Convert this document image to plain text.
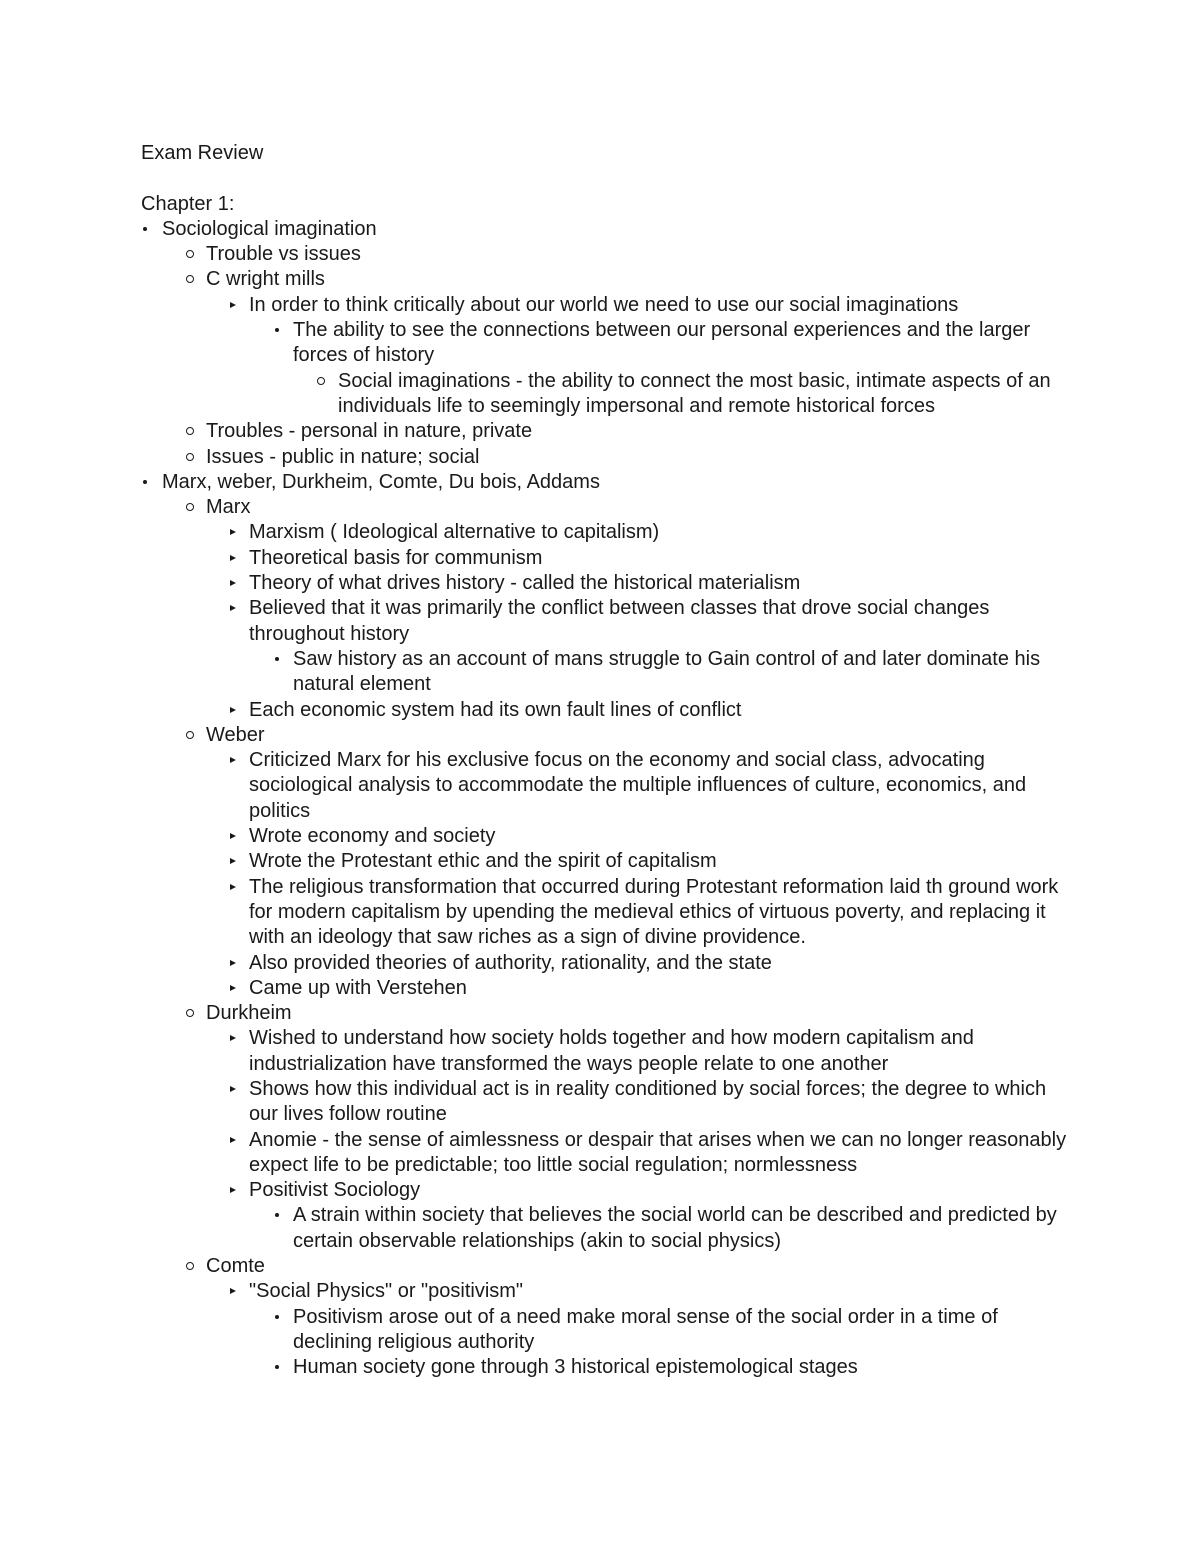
Exam Review
Chapter 1:
Sociological imagination
Trouble vs issues
C wright mills
In order to think critically about our world we need to use our social imaginations
The ability to see the connections between our personal experiences and the larger forces of history
Social imaginations - the ability to connect the most basic, intimate aspects of an individuals life to seemingly impersonal and remote historical forces
Troubles - personal in nature, private
Issues - public in nature; social
Marx, weber, Durkheim, Comte, Du bois, Addams
Marx
Marxism ( Ideological alternative to capitalism)
Theoretical basis for communism
Theory of what drives history - called the historical materialism
Believed that it was primarily the conflict between classes that drove social changes throughout history
Saw history as an account of mans struggle to Gain control of and later dominate his natural element
Each economic system had its own fault lines of conflict
Weber
Criticized Marx for his exclusive focus on the economy and social class, advocating sociological analysis to accommodate the multiple influences of culture, economics, and politics
Wrote economy and society
Wrote the Protestant ethic and the spirit of capitalism
The religious transformation that occurred during Protestant reformation laid th ground work for modern capitalism by upending the medieval ethics of virtuous poverty, and replacing it with an ideology that saw riches as a sign of divine providence.
Also provided theories of authority, rationality, and the state
Came up with Verstehen
Durkheim
Wished to understand how society holds together and how modern capitalism and industrialization have transformed the ways people relate to one another
Shows how this individual act is in reality conditioned by social forces; the degree to which our lives follow routine
Anomie - the sense of aimlessness or despair that arises when we can no longer reasonably expect life to be predictable; too little social regulation; normlessness
Positivist Sociology
A strain within society that believes the social world can be described and predicted by certain observable relationships (akin to social physics)
Comte
"Social Physics" or "positivism"
Positivism arose out of a need make moral sense of the social order in a time of declining religious authority
Human society gone through 3 historical epistemological stages
